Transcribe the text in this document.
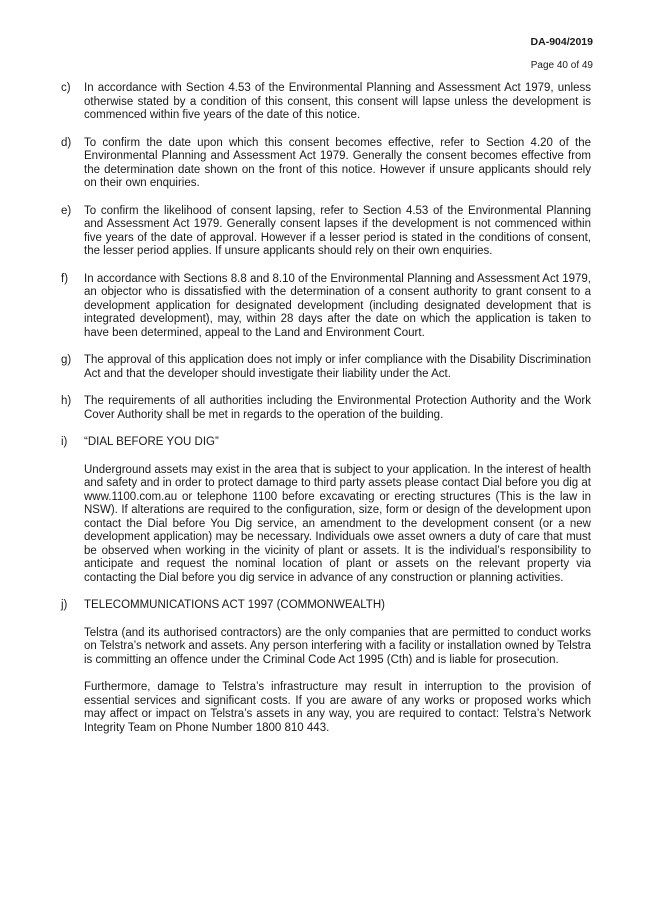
DA-904/2019
Page 40 of 49
c)	In accordance with Section 4.53 of the Environmental Planning and Assessment Act 1979, unless otherwise stated by a condition of this consent, this consent will lapse unless the development is commenced within five years of the date of this notice.

d)	To confirm the date upon which this consent becomes effective, refer to Section 4.20 of the Environmental Planning and Assessment Act 1979. Generally the consent becomes effective from the determination date shown on the front of this notice. However if unsure applicants should rely on their own enquiries.

e)	To confirm the likelihood of consent lapsing, refer to Section 4.53 of the Environmental Planning and Assessment Act 1979. Generally consent lapses if the development is not commenced within five years of the date of approval. However if a lesser period is stated in the conditions of consent, the lesser period applies. If unsure applicants should rely on their own enquiries.

f)	In accordance with Sections 8.8 and 8.10 of the Environmental Planning and Assessment Act 1979, an objector who is dissatisfied with the determination of a consent authority to grant consent to a development application for designated development (including designated development that is integrated development), may, within 28 days after the date on which the application is taken to have been determined, appeal to the Land and Environment Court.

g)	The approval of this application does not imply or infer compliance with the Disability Discrimination Act and that the developer should investigate their liability under the Act.

h)	The requirements of all authorities including the Environmental Protection Authority and the Work Cover Authority shall be met in regards to the operation of the building.

i)	“DIAL BEFORE YOU DIG”

Underground assets may exist in the area that is subject to your application. In the interest of health and safety and in order to protect damage to third party assets please contact Dial before you dig at www.1100.com.au or telephone 1100 before excavating or erecting structures (This is the law in NSW). If alterations are required to the configuration, size, form or design of the development upon contact the Dial before You Dig service, an amendment to the development consent (or a new development application) may be necessary. Individuals owe asset owners a duty of care that must be observed when working in the vicinity of plant or assets. It is the individual’s responsibility to anticipate and request the nominal location of plant or assets on the relevant property via contacting the Dial before you dig service in advance of any construction or planning activities.

j)	TELECOMMUNICATIONS ACT 1997 (COMMONWEALTH)

Telstra (and its authorised contractors) are the only companies that are permitted to conduct works on Telstra’s network and assets. Any person interfering with a facility or installation owned by Telstra is committing an offence under the Criminal Code Act 1995 (Cth) and is liable for prosecution.

Furthermore, damage to Telstra’s infrastructure may result in interruption to the provision of essential services and significant costs. If you are aware of any works or proposed works which may affect or impact on Telstra’s assets in any way, you are required to contact: Telstra’s Network Integrity Team on Phone Number 1800 810 443.
